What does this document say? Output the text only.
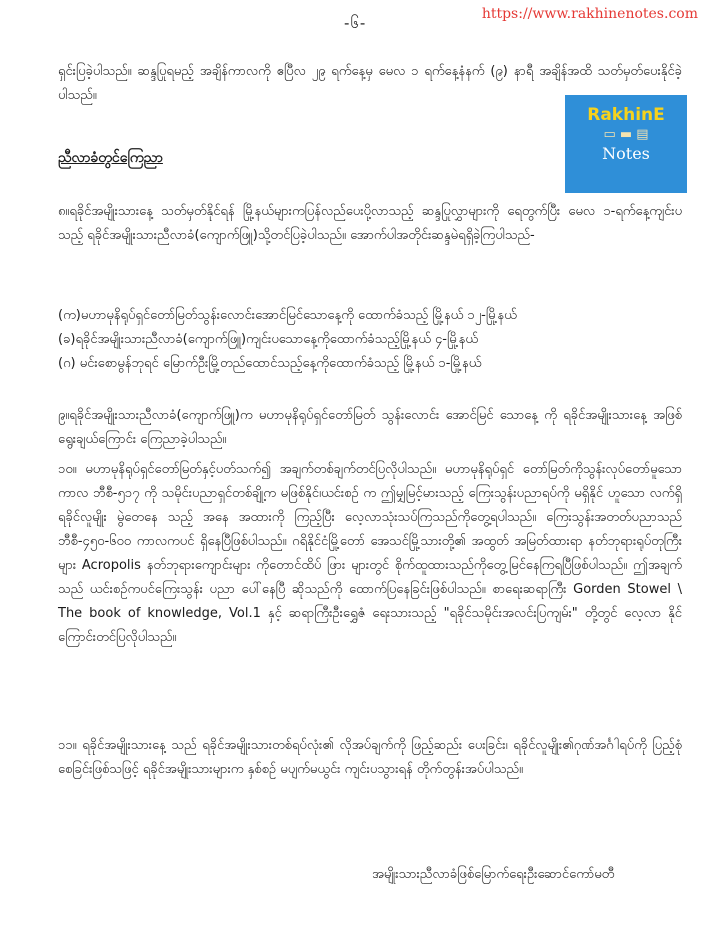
-၆-	https://www.rakhinenotes.com
RakhinE
▭ ▬ ▤
Notes
ရှင်းပြခဲ့ပါသည်။ ဆန္ဒပြုရမည့် အချိန်ကာလကို ဧပြီလ ၂၉ ရက်နေ့မှ မေလ ၁ ရက်နေ့နံနက် (၉) နာရီ အချိန်အထိ သတ်မှတ်ပေးနိုင်ခဲ့ပါသည်။
ညီလာခံတွင်ကြေညာ
၈။ရခိုင်အမျိုးသားနေ့ သတ်မှတ်နိုင်ရန် မြို့နယ်များကပြန်လည်ပေးပို့လာသည့် ဆန္ဒပြုလွှာများကို ရေတွက်ပြီး မေလ ၁-ရက်နေ့ကျင်းပသည့် ရခိုင်အမျိုးသားညီလာခံ(ကျောက်ဖြူ)သို့တင်ပြခဲ့ပါသည်။ အောက်ပါအတိုင်းဆန္ဒမဲရရှိခဲ့ကြပါသည်-
(က)မဟာမုနိရုပ်ရှင်တော်မြတ်သွန်းလောင်းအောင်မြင်သောနေ့ကို ထောက်ခံသည့် မြို့နယ် ၁၂-မြို့နယ်
(ခ)ရခိုင်အမျိုးသားညီလာခံ(ကျောက်ဖြူ)ကျင်းပသောနေ့ကိုထောက်ခံသည့်မြို့နယ် ၄-မြို့နယ်
(ဂ) မင်းစောမွန်ဘုရင် မြောက်ဦးမြို့တည်ထောင်သည့်နေ့ကိုထောက်ခံသည့် မြို့နယ် ၁-မြို့နယ်
၉။ရခိုင်အမျိုးသားညီလာခံ(ကျောက်ဖြူ)က မဟာမုနိရုပ်ရှင်တော်မြတ် သွန်းလောင်း အောင်မြင် သောနေ့ ကို ရခိုင်အမျိုးသားနေ့ အဖြစ် ရွေးချယ်ကြောင်း ကြေညာခဲ့ပါသည်။
၁၀။ မဟာမုနိရုပ်ရှင်တော်မြတ်နှင့်ပတ်သက်၍ အချက်တစ်ချက်တင်ပြလိုပါသည်။ မဟာမုနိရုပ်ရှင် တော်မြတ်ကိုသွန်းလုပ်တော်မူသောကာလ ဘီစီ-၅၁၇ ကို သမိုင်းပညာရှင်တစ်ချို့က မဖြစ်နိုင်၊ယင်းစဉ် က ဤမျှမြင့်မားသည့် ကြေးသွန်းပညာရပ်ကို မရှိနိုင် ဟူသော လက်ရှိ ရခိုင်လူမျိုး မွဲတေနေ သည့် အနေ အထားကို ကြည့်ပြီး လေ့လာသုံးသပ်ကြသည်ကိုတွေ့ရပါသည်။ ကြေးသွန်းအတတ်ပညာသည် ဘီစီ-၄၅၀-၆၀၀ ကာလကပင် ရှိနေပြီဖြစ်ပါသည်။ ဂရိနိုင်ငံမြို့တော် အေသင်မြို့သားတို့၏ အထွတ် အမြတ်ထားရာ နတ်ဘုရားရုပ်တုကြီးများ Acropolis နတ်ဘုရားကျောင်းများ ကိုတောင်ထိပ် ဖြား များတွင် စိုက်ထူထားသည်ကိုတွေ့မြင်နေကြရပြီဖြစ်ပါသည်။ ဤအချက်သည် ယင်းစဉ်ကပင်ကြေးသွန်း ပညာ ပေါ်နေပြီ ဆိုသည်ကို ထောက်ပြနေခြင်းဖြစ်ပါသည်။ စာရေးဆရာကြီး Gorden Stowel \ The book of knowledge, Vol.1 နှင့် ဆရာကြီးဦးရွှေဇံ ရေးသားသည့် "ရခိုင်သမိုင်းအလင်းပြကျမ်း" တို့တွင် လေ့လာ နိုင်ကြောင်းတင်ပြလိုပါသည်။
၁၁။ ရခိုင်အမျိုးသားနေ့ သည် ရခိုင်အမျိုးသားတစ်ရပ်လုံး၏ လိုအပ်ချက်ကို ဖြည့်ဆည်း ပေးခြင်း၊ ရခိုင်လူမျိုး၏ဂုဏ်အင်္ဂါရပ်ကို ပြည့်စုံစေခြင်းဖြစ်သဖြင့် ရခိုင်အမျိုးသားများက နှစ်စဉ် မပျက်မယွင်း ကျင်းပသွားရန် တိုက်တွန်းအပ်ပါသည်။
အမျိုးသားညီလာခံဖြစ်မြောက်ရေးဦးဆောင်ကော်မတီ
